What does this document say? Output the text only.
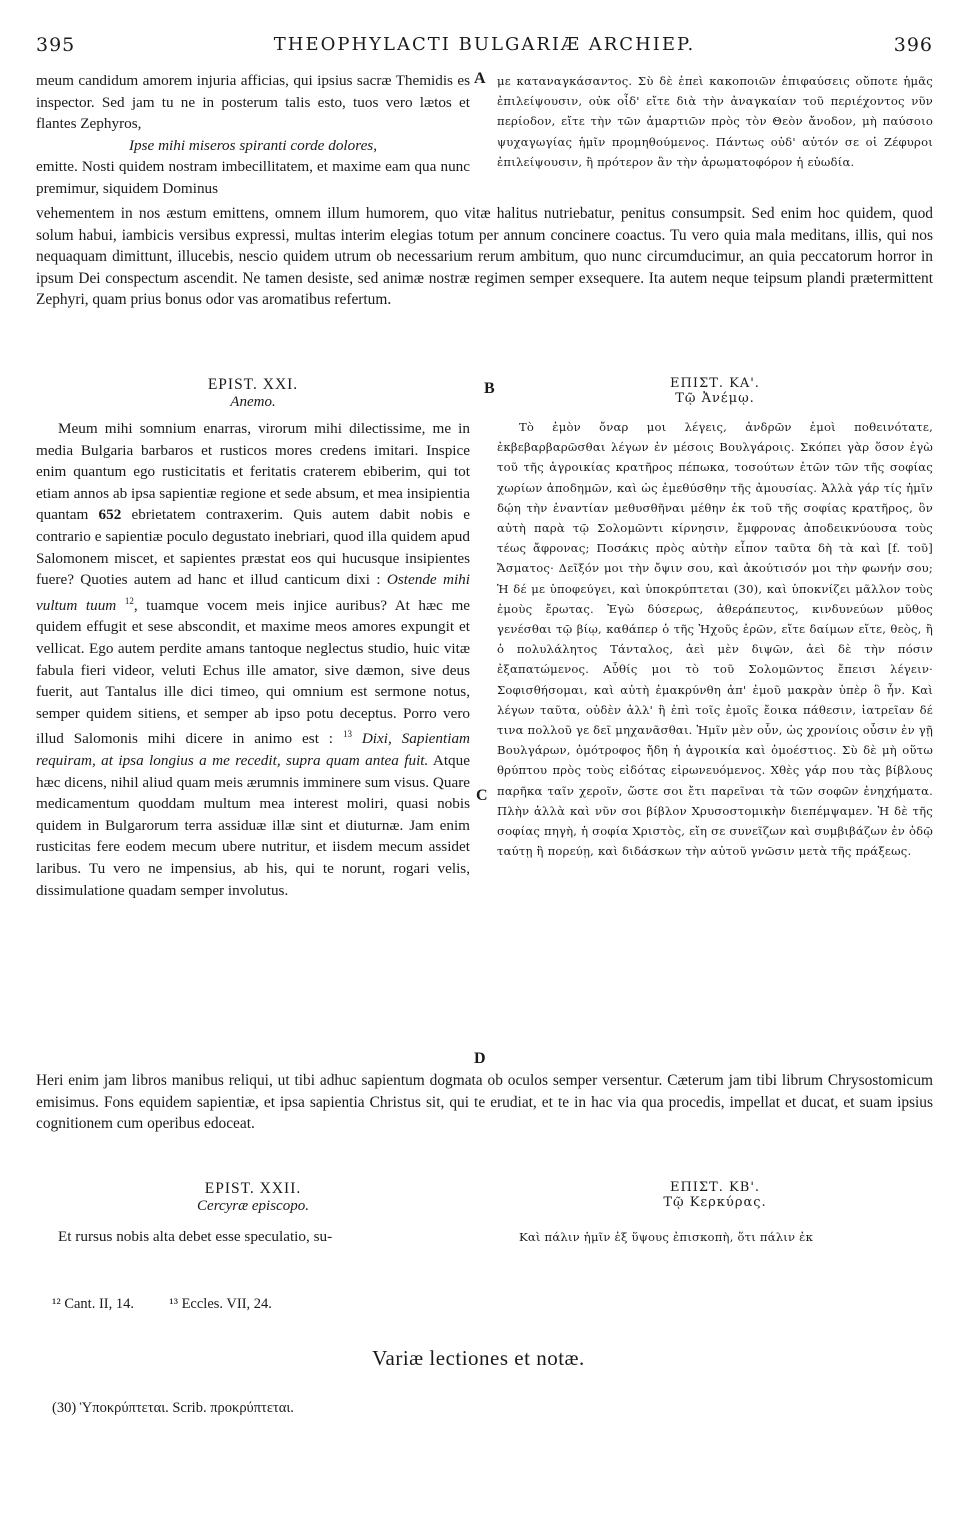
395	THEOPHYLACTI BULGARIÆ ARCHIEP.	396

meum candidum amorem injuria afficias, qui ipsius sacræ Themidis es inspector. Sed jam tu ne in posterum talis esto, tuos vero lætos et flantes Zephyros,

Ipse mihi miseros spiranti corde dolores,

emitte. Nosti quidem nostram imbecillitatem, et maxime eam qua nunc premimur, siquidem Dominus

A με καταναγκάσαντος. Σὺ δὲ ἐπεὶ κακοποιῶν ἐπιφαύσεις οὔποτε ἡμᾶς ἐπιλείψουσιν, οὐκ οἶδ' εἴτε διὰ τὴν ἀναγκαίαν τοῦ περιέχοντος νῦν περίοδον, εἴτε τὴν τῶν ἁμαρτιῶν πρὸς τὸν Θεὸν ἄνοδον, μὴ παύσοιο ψυχαγωγίας ἡμῖν προμηθούμενος. Πάντως οὐδ' αὐτόν σε οἱ Ζέφυροι ἐπιλείψουσιν, ἢ πρότερον ἂν τὴν ἀρωματοφόρον ἡ εὐωδία.

vehementem in nos æstum emittens, omnem illum humorem, quo vitæ halitus nutriebatur, penitus consumpsit. Sed enim hoc quidem, quod solum habui, iambicis versibus expressi, multas interim elegias totum per annum concinere coactus. Tu vero quia mala meditans, illis, qui nos nequaquam dimittunt, illucebis, nescio quidem utrum ob necessarium rerum ambitum, quo nunc circumducimur, an quia peccatorum horror in ipsum Dei conspectum ascendit. Ne tamen desiste, sed animæ nostræ regimen semper exsequere. Ita autem neque teipsum plandi prætermittent Zephyri, quam prius bonus odor vas aromatibus refertum.

EPIST. XXI.
Anemo.
B	ΕΠΙΣΤ. ΚΑ'.
Τῷ Ἀνέμῳ.

Meum mihi somnium enarras, virorum mihi dilectissime, me in media Bulgaria barbaros et rusticos mores credens imitari. Inspice enim quantum ego rusticitatis et feritatis craterem ebiberim, qui tot etiam annos ab ipsa sapientiæ regione et sede absum, et mea insipientia quantam 652 ebrietatem contraxerim. Quis autem dabit nobis e contrario e sapientiæ poculo degustato inebriari, quod illa quidem apud Salomonem miscet, et sapientes præstat eos qui hucusque insipientes fuere? Quoties autem ad hanc et illud canticum dixi : Ostende mihi vultum tuum $^{12}$, tuamque vocem meis injice auribus? At hæc me quidem effugit et sese abscondit, et maxime meos amores expungit et vellicat. Ego autem perdite amans tantoque neglectus studio, huic vitæ fabula fieri videor, veluti Echus ille amator, sive dæmon, sive deus fuerit, aut Tantalus ille dici timeo, qui omnium est sermone notus, semper quidem sitiens, et semper ab ipso potu deceptus. Porro vero illud Salomonis mihi dicere in animo est : $^{13}$ Dixi, Sapientiam requiram, at ipsa longius a me recedit, supra quam antea fuit. Atque hæc dicens, nihil aliud quam meis ærumnis imminere sum visus. Quare medicamentum quoddam multum mea interest moliri, quasi nobis quidem in Bulgarorum terra assiduæ illæ sint et diuturnæ. Jam enim rusticitas fere eodem mecum ubere nutritur, et iisdem mecum assidet laribus. Tu vero ne impensius, ab his, qui te norunt, rogari velis, dissimulatione quadam semper involutus.

C
D

Τὸ ἐμὸν ὄναρ μοι λέγεις, ἀνδρῶν ἐμοὶ ποθεινότατε, ἐκβεβαρβαρῶσθαι λέγων ἐν μέσοις Βουλγάροις. Σκόπει γὰρ ὅσον ἐγὼ τοῦ τῆς ἀγροικίας κρατῆρος πέπωκα, τοσούτων ἐτῶν τῶν τῆς σοφίας χωρίων ἀποδημῶν, καὶ ὡς ἐμεθύσθην τῆς ἀμουσίας. Ἀλλὰ γάρ τίς ἡμῖν δῴη τὴν ἐναντίαν μεθυσθῆναι μέθην ἐκ τοῦ τῆς σοφίας κρατῆρος, ὃν αὐτὴ παρὰ τῷ Σολομῶντι κίρνησιν, ἔμφρονας ἀποδεικνύουσα τοὺς τέως ἄφρονας; Ποσάκις πρὸς αὐτὴν εἶπον ταῦτα δὴ τὰ καὶ [f. τοῦ] Ἄσματος· Δεῖξόν μοι τὴν ὄψιν σου, καὶ ἀκούτισόν μοι τὴν φωνήν σου; Ἡ δέ με ὑποφεύγει, καὶ ὑποκρύπτεται (30), καὶ ὑποκνίζει μᾶλλον τοὺς ἐμοὺς ἔρωτας. Ἐγὼ δύσερως, ἀθεράπευτος, κινδυνεύων μῦθος γενέσθαι τῷ βίῳ, καθάπερ ὁ τῆς Ἠχοῦς ἐρῶν, εἴτε δαίμων εἴτε, θεὸς, ἢ ὁ πολυλάλητος Τάνταλος, ἀεὶ μὲν διψῶν, ἀεὶ δὲ τὴν πόσιν ἐξαπατώμενος. Αὖθίς μοι τὸ τοῦ Σολομῶντος ἔπεισι λέγειν· Σοφισθήσομαι, καὶ αὐτὴ ἐμακρύνθη ἀπ' ἐμοῦ μακρὰν ὑπὲρ ὃ ἦν. Καὶ λέγων ταῦτα, οὐδὲν ἀλλ' ἢ ἐπὶ τοῖς ἐμοῖς ἔοικα πάθεσιν, ἰατρεῖαν δέ τινα πολλοῦ γε δεῖ μηχανᾶσθαι. Ἡμῖν μὲν οὖν, ὡς χρονίοις οὖσιν ἐν γῇ Βουλγάρων, ὁμότροφος ἤδη ἡ ἀγροικία καὶ ὁμοέστιος. Σὺ δὲ μὴ οὕτω θρύπτου πρὸς τοὺς εἰδότας εἰρωνευόμενος. Χθὲς γάρ που τὰς βίβλους παρῆκα ταῖν χεροῖν, ὥστε σοι ἔτι παρεῖναι τὰ τῶν σοφῶν ἐνηχήματα. Πλὴν ἀλλὰ καὶ νῦν σοι βίβλον Χρυσοστομικὴν διεπέμψαμεν. Ἡ δὲ τῆς σοφίας πηγὴ, ἡ σοφία Χριστὸς, εἴη σε συνεῖζων καὶ συμβιβάζων ἐν ὁδῷ ταύτῃ ἢ πορεύῃ, καὶ διδάσκων τὴν αὐτοῦ γνῶσιν μετὰ τῆς πράξεως.

Heri enim jam libros manibus reliqui, ut tibi adhuc sapientum dogmata ob oculos semper versentur. Cæterum jam tibi librum Chrysostomicum emisimus. Fons equidem sapientiæ, et ipsa sapientia Christus sit, qui te erudiat, et te in hac via qua procedis, impellat et ducat, et suam ipsius cognitionem cum operibus edoceat.

EPIST. XXII.
Cercyræ episcopo.
ΕΠΙΣΤ. ΚΒ'.
Τῷ Κερκύρας.

Et rursus nobis alta debet esse speculatio, su-	Καὶ πάλιν ἡμῖν ἐξ ὕψους ἐπισκοπὴ, ὅτι πάλιν ἐκ

¹² Cant. II, 14. ¹³ Eccles. VII, 24.
Variæ lectiones et notæ.
(30) Ὑποκρύπτεται. Scrib. προκρύπτεται.
